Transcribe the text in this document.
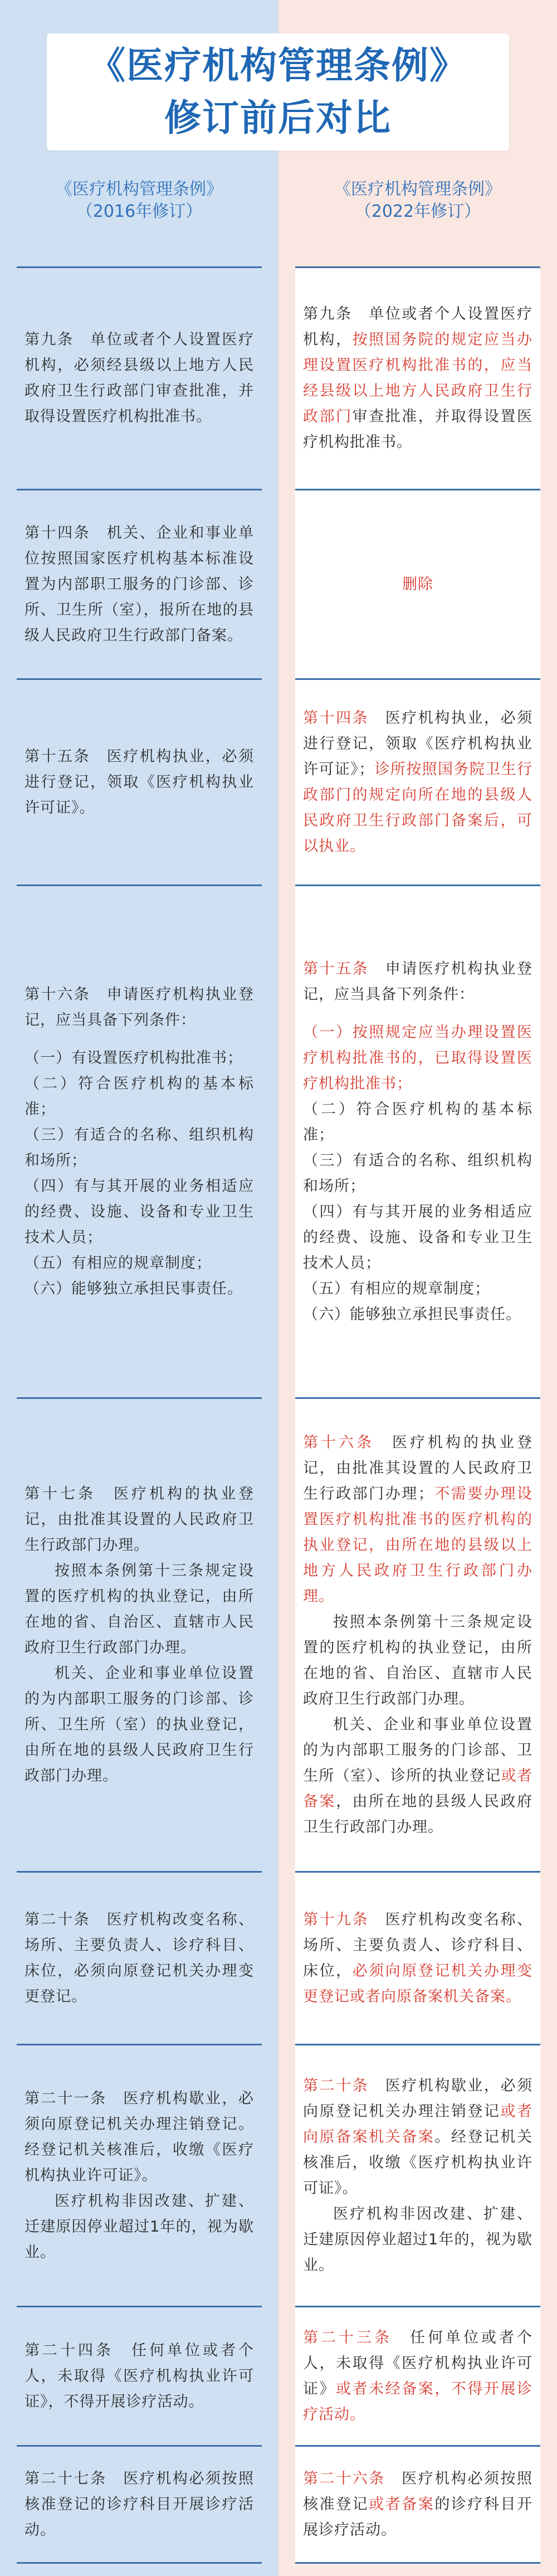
《医疗机构管理条例》
修订前后对比
《医疗机构管理条例》
（2016年修订）
《医疗机构管理条例》
（2022年修订）

第九条　单位或者个人设置医疗机构，必须经县级以上地方人民政府卫生行政部门审查批准，并取得设置医疗机构批准书。

第九条　单位或者个人设置医疗机构，按照国务院的规定应当办理设置医疗机构批准书的，应当经县级以上地方人民政府卫生行政部门审查批准，并取得设置医疗机构批准书。

第十四条　机关、企业和事业单位按照国家医疗机构基本标准设置为内部职工服务的门诊部、诊所、卫生所（室），报所在地的县级人民政府卫生行政部门备案。

删除

第十五条　医疗机构执业，必须进行登记，领取《医疗机构执业许可证》。

第十四条　医疗机构执业，必须进行登记，领取《医疗机构执业许可证》；诊所按照国务院卫生行政部门的规定向所在地的县级人民政府卫生行政部门备案后，可以执业。

第十六条　申请医疗机构执业登记，应当具备下列条件：

（一）有设置医疗机构批准书；

（二）符合医疗机构的基本标准；

（三）有适合的名称、组织机构和场所；

（四）有与其开展的业务相适应的经费、设施、设备和专业卫生技术人员；

（五）有相应的规章制度；

（六）能够独立承担民事责任。

第十五条　申请医疗机构执业登记，应当具备下列条件：

（一）按照规定应当办理设置医疗机构批准书的，已取得设置医疗机构批准书；

（二）符合医疗机构的基本标准；

（三）有适合的名称、组织机构和场所；

（四）有与其开展的业务相适应的经费、设施、设备和专业卫生技术人员；

（五）有相应的规章制度；

（六）能够独立承担民事责任。

第十七条　医疗机构的执业登记，由批准其设置的人民政府卫生行政部门办理。

按照本条例第十三条规定设置的医疗机构的执业登记，由所在地的省、自治区、直辖市人民政府卫生行政部门办理。

机关、企业和事业单位设置的为内部职工服务的门诊部、诊所、卫生所（室）的执业登记，由所在地的县级人民政府卫生行政部门办理。

第十六条　医疗机构的执业登记，由批准其设置的人民政府卫生行政部门办理；不需要办理设置医疗机构批准书的医疗机构的执业登记，由所在地的县级以上地方人民政府卫生行政部门办理。

按照本条例第十三条规定设置的医疗机构的执业登记，由所在地的省、自治区、直辖市人民政府卫生行政部门办理。

机关、企业和事业单位设置的为内部职工服务的门诊部、卫生所（室）、诊所的执业登记或者备案，由所在地的县级人民政府卫生行政部门办理。

第二十条　医疗机构改变名称、场所、主要负责人、诊疗科目、床位，必须向原登记机关办理变更登记。

第十九条　医疗机构改变名称、场所、主要负责人、诊疗科目、床位，必须向原登记机关办理变更登记或者向原备案机关备案。

第二十一条　医疗机构歇业，必须向原登记机关办理注销登记。经登记机关核准后，收缴《医疗机构执业许可证》。

医疗机构非因改建、扩建、迁建原因停业超过1年的，视为歇业。

第二十条　医疗机构歇业，必须向原登记机关办理注销登记或者向原备案机关备案。经登记机关核准后，收缴《医疗机构执业许可证》。

医疗机构非因改建、扩建、迁建原因停业超过1年的，视为歇业。

第二十四条　任何单位或者个人，未取得《医疗机构执业许可证》，不得开展诊疗活动。

第二十三条　任何单位或者个人，未取得《医疗机构执业许可证》或者未经备案，不得开展诊疗活动。

第二十七条　医疗机构必须按照核准登记的诊疗科目开展诊疗活动。

第二十六条　医疗机构必须按照核准登记或者备案的诊疗科目开展诊疗活动。
